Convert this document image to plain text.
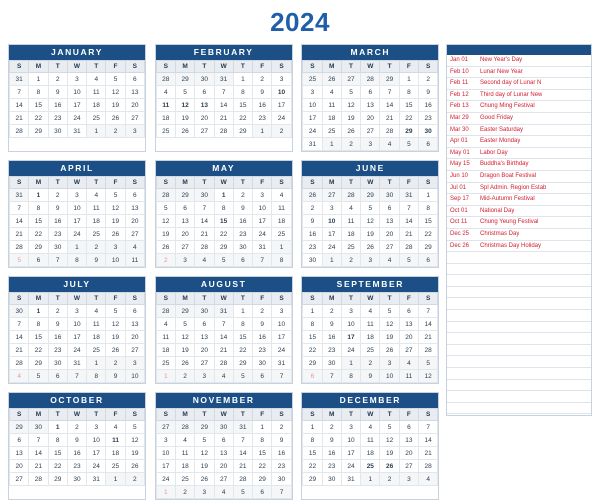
2024
JANUARY
S	M	T	W	T	F	S
31	1	2	3	4	5	6
7	8	9	10	11	12	13
14	15	16	17	18	19	20
21	22	23	24	25	26	27
28	29	30	31	1	2	3
FEBRUARY
S	M	T	W	T	F	S
28	29	30	31	1	2	3
4	5	6	7	8	9	10
11	12	13	14	15	16	17
18	19	20	21	22	23	24
25	26	27	28	29	1	2
MARCH
S	M	T	W	T	F	S
25	26	27	28	29	1	2
3	4	5	6	7	8	9
10	11	12	13	14	15	16
17	18	19	20	21	22	23
24	25	26	27	28	29	30
31	1	2	3	4	5	6
APRIL
S	M	T	W	T	F	S
31	1	2	3	4	5	6
7	8	9	10	11	12	13
14	15	16	17	18	19	20
21	22	23	24	25	26	27
28	29	30	1	2	3	4
5	6	7	8	9	10	11
MAY
S	M	T	W	T	F	S
28	29	30	1	2	3	4
5	6	7	8	9	10	11
12	13	14	15	16	17	18
19	20	21	22	23	24	25
26	27	28	29	30	31	1
2	3	4	5	6	7	8
JUNE
S	M	T	W	T	F	S
26	27	28	29	30	31	1
2	3	4	5	6	7	8
9	10	11	12	13	14	15
16	17	18	19	20	21	22
23	24	25	26	27	28	29
30	1	2	3	4	5	6
JULY
S	M	T	W	T	F	S
30	1	2	3	4	5	6
7	8	9	10	11	12	13
14	15	16	17	18	19	20
21	22	23	24	25	26	27
28	29	30	31	1	2	3
4	5	6	7	8	9	10
AUGUST
S	M	T	W	T	F	S
28	29	30	31	1	2	3
4	5	6	7	8	9	10
11	12	13	14	15	16	17
18	19	20	21	22	23	24
25	26	27	28	29	30	31
1	2	3	4	5	6	7
SEPTEMBER
S	M	T	W	T	F	S
1	2	3	4	5	6	7
8	9	10	11	12	13	14
15	16	17	18	19	20	21
22	23	24	25	26	27	28
29	30	1	2	3	4	5
6	7	8	9	10	11	12
OCTOBER
S	M	T	W	T	F	S
29	30	1	2	3	4	5
6	7	8	9	10	11	12
13	14	15	16	17	18	19
20	21	22	23	24	25	26
27	28	29	30	31	1	2
NOVEMBER
S	M	T	W	T	F	S
27	28	29	30	31	1	2
3	4	5	6	7	8	9
10	11	12	13	14	15	16
17	18	19	20	21	22	23
24	25	26	27	28	29	30
1	2	3	4	5	6	7
DECEMBER
S	M	T	W	T	F	S
1	2	3	4	5	6	7
8	9	10	11	12	13	14
15	16	17	18	19	20	21
22	23	24	25	26	27	28
29	30	31	1	2	3	4
Jan 01	New Year's Day
Feb 10	Lunar New Year
Feb 11	Second day of Lunar N
Feb 12	Third day of Lunar New
Feb 13	Chung Ming Festival
Mar 29	Good Friday
Mar 30	Easter Saturday
Apr 01	Easter Monday
May 01	Labor Day
May 15	Buddha's Birthday
Jun 10	Dragon Boat Festival
Jul 01	Spl Admin. Region Estab
Sep 17	Mid-Autumn Festival
Oct 01	National Day
Oct 11	Chung Yeung Festival
Dec 25	Christmas Day
Dec 26	Christmas Day Holiday
